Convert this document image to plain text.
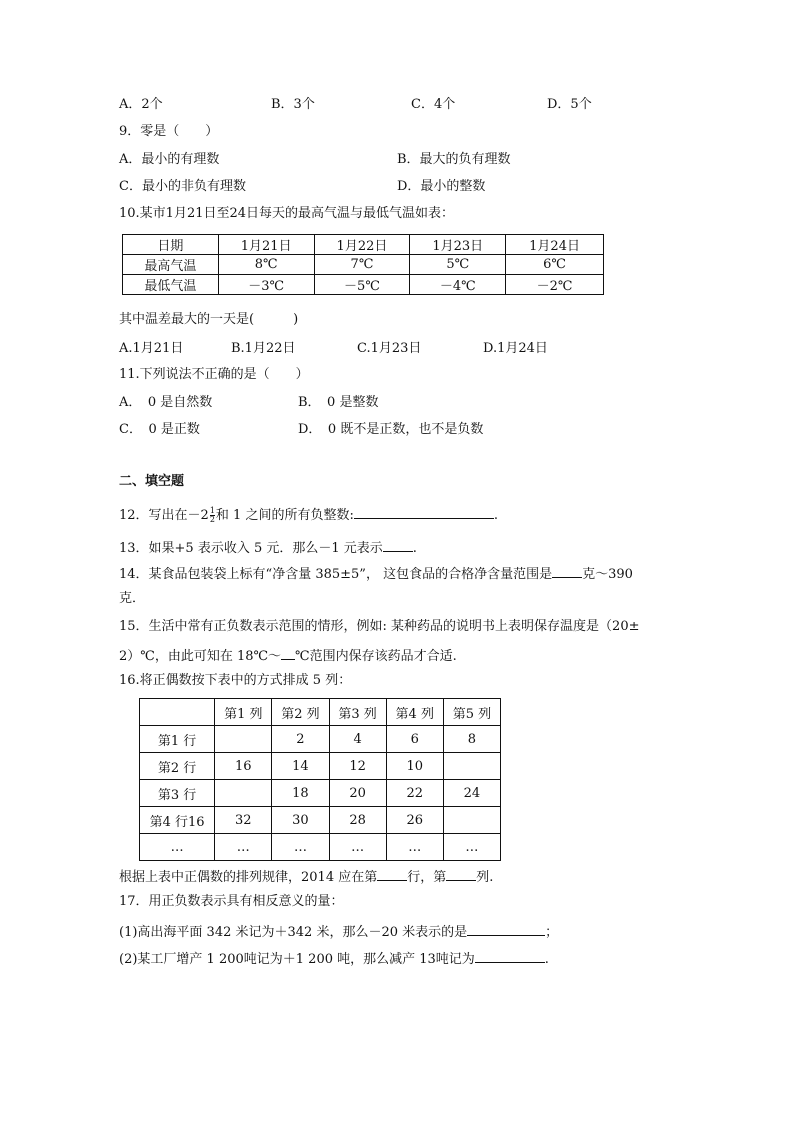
A．2个	B．3个	C．4个	D．5个
9．零是（　　）
A．最小的有理数	B．最大的负有理数
C．最小的非负有理数	D．最小的整数
10.某市1月21日至24日每天的最高气温与最低气温如表：
日期	1月21日	1月22日	1月23日	1月24日
最高气温	8℃	7℃	5℃	6℃
最低气温	－3℃	－5℃	－4℃	－2℃
其中温差最大的一天是(　　　)
A.1月21日	B.1月22日	C.1月23日	D.1月24日
11.下列说法不正确的是（　　）
A．　0 是自然数	B．　0 是整数
C．　0 是正数	D．　0 既不是正数，也不是负数
二、填空题
12．写出在$-2 \frac{1}{2}$ 和 1 之间的所有负整数:	.
13．如果+5 表示收入 5 元．那么－1 元表示 .
14．某食品包装袋上标有“净含量 385±5”， 这包食品的合格净含量范围是 克～390
克．
15．生活中常有正负数表示范围的情形，例如: 某种药品的说明书上表明保存温度是（20±
2）℃，由此可知在 18℃～ ℃范围内保存该药品才合适.
16.将正偶数按下表中的方式排成 5 列：
	第1 列	第2 列	第3 列	第4 列	第5 列
第1 行		2	4	6	8
第2 行	16	14	12	10	
第3 行		18	20	22	24
第4 行16	32	30	28	26	
…	…	…	…	…	…
根据上表中正偶数的排列规律，2014 应在第 行，第 列.
17．用正负数表示具有相反意义的量：
(1)高出海平面 342 米记为＋342 米，那么－20 米表示的是	；
(2)某工厂增产 1 200吨记为＋1 200 吨，那么减产 13吨记为	.
